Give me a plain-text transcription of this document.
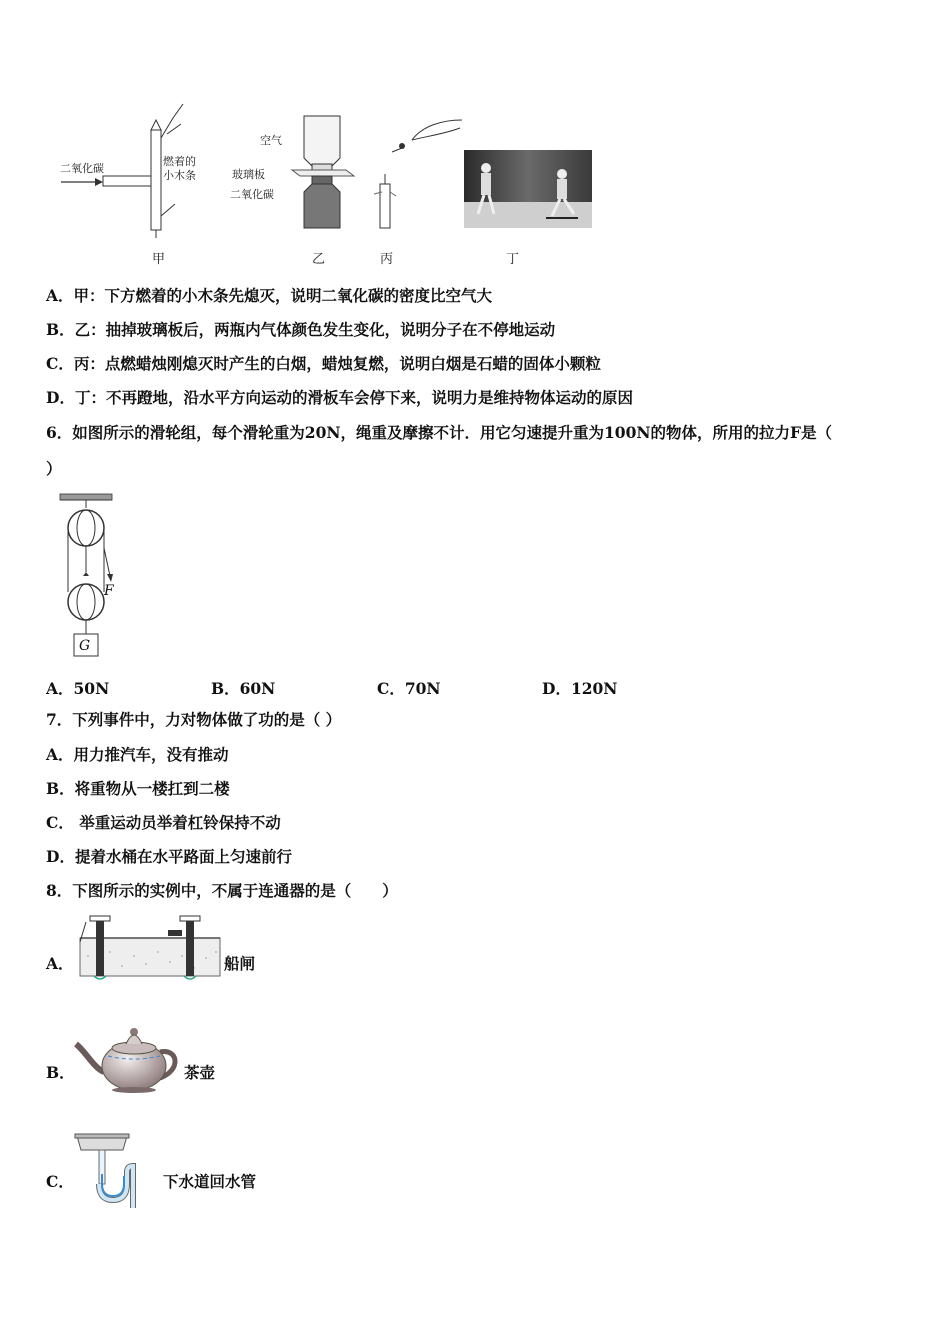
二氧化碳
燃着的
小木条
甲
空气
玻璃板
二氧化碳
乙	丙	丁
A．甲：下方燃着的小木条先熄灭，说明二氧化碳的密度比空气大
B．乙：抽掉玻璃板后，两瓶内气体颜色发生变化，说明分子在不停地运动
C．丙：点燃蜡烛刚熄灭时产生的白烟，蜡烛复燃，说明白烟是石蜡的固体小颗粒
D．丁：不再蹬地，沿水平方向运动的滑板车会停下来，说明力是维持物体运动的原因
6．如图所示的滑轮组，每个滑轮重为20N，绳重及摩擦不计．用它匀速提升重为100N的物体，所用的拉力F是（
）
F
G
A．50N	B．60N	C．70N	D．120N
7．下列事件中，力对物体做了功的是（ ）
A．用力推汽车，没有推动
B．将重物从一楼扛到二楼
C． 举重运动员举着杠铃保持不动
D．提着水桶在水平路面上匀速前行
8．下图所示的实例中，不属于连通器的是（　　）
A．	船闸
B．	茶壶
C．	下水道回水管
